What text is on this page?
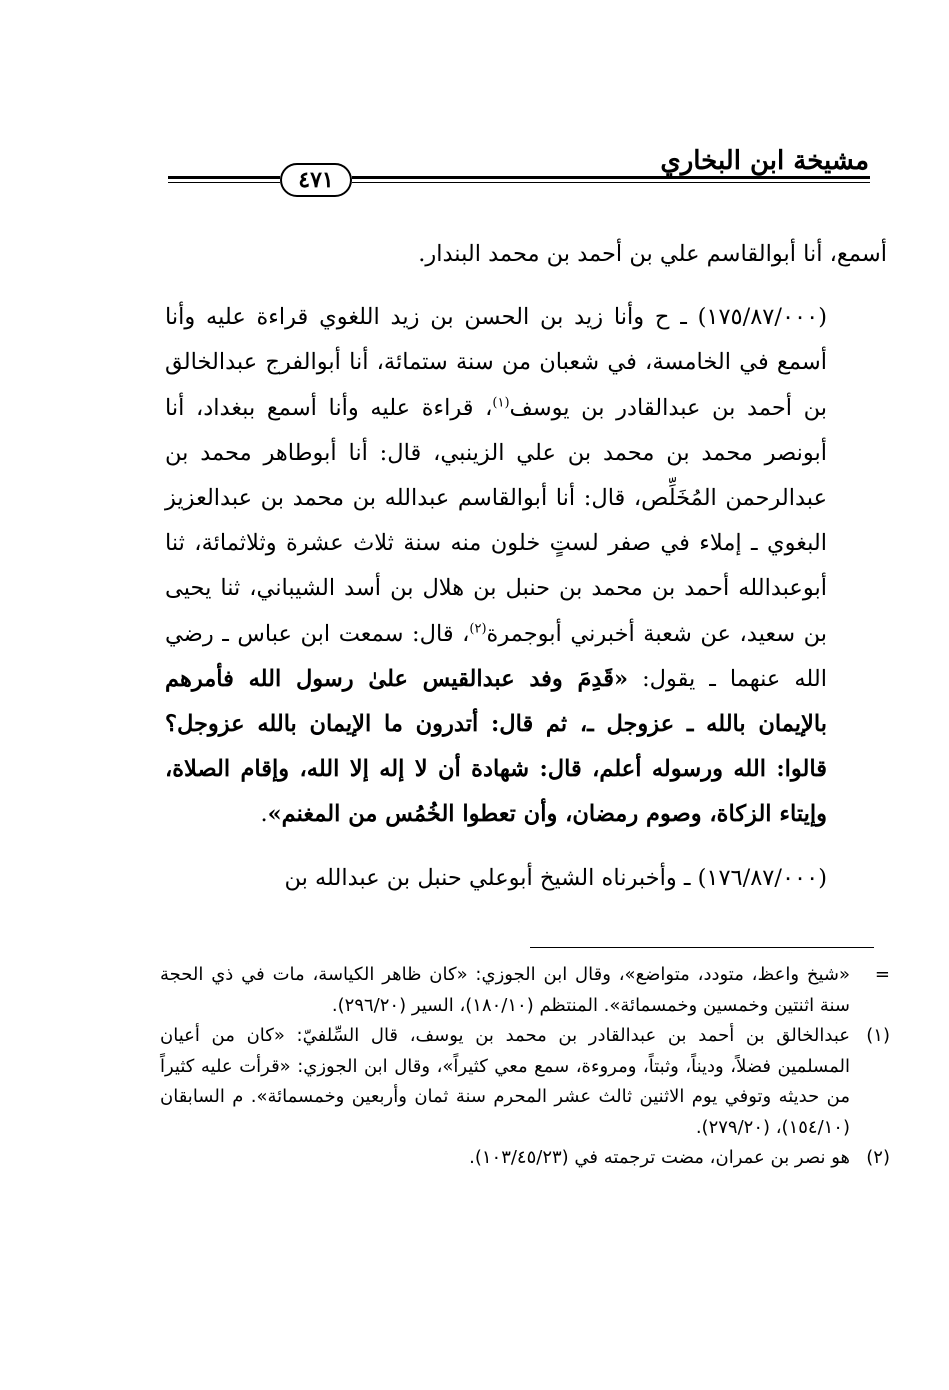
مشيخة ابن البخاري
٤٧١

أسمع، أنا أبوالقاسم علي بن أحمد بن محمد البندار.

(١٧٥/٨٧/٠٠٠) ـ ح وأنا زيد بن الحسن بن زيد اللغوي قراءة عليه وأنا أسمع في الخامسة، في شعبان من سنة ستمائة، أنا أبوالفرج عبدالخالق بن أحمد بن عبدالقادر بن يوسف$^{(١)}$، قراءة عليه وأنا أسمع ببغداد، أنا أبونصر محمد بن محمد بن علي الزينبي، قال: أنا أبوطاهر محمد بن عبدالرحمن المُخَلِّص، قال: أنا أبوالقاسم عبدالله بن محمد بن عبدالعزيز البغوي ـ إملاء في صفر لستٍ خلون منه سنة ثلاث عشرة وثلاثمائة، ثنا أبوعبدالله أحمد بن محمد بن حنبل بن هلال بن أسد الشيباني، ثنا يحيى بن سعيد، عن شعبة أخبرني أبوجمرة$^{(٢)}$، قال: سمعت ابن عباس ـ رضي الله عنهما ـ يقول: «قَدِمَ وفد عبدالقيس علىٰ رسول الله فأمرهم بالإيمان بالله ـ عزوجل ـ، ثم قال: أتدرون ما الإيمان بالله عزوجل؟ قالوا: الله ورسوله أعلم، قال: شهادة أن لا إله إلا الله، وإقام الصلاة، وإيتاء الزكاة، وصوم رمضان، وأن تعطوا الخُمُس من المغنم».

(١٧٦/٨٧/٠٠٠) ـ وأخبرناه الشيخ أبوعلي حنبل بن عبدالله بن

=
«شيخ واعظ، متودد، متواضع»، وقال ابن الجوزي: «كان ظاهر الكياسة، مات في ذي الحجة سنة اثنتين وخمسين وخمسمائة». المنتظم (١٨٠/١٠)، السير (٢٩٦/٢٠).

(١)
عبدالخالق بن أحمد بن عبدالقادر بن محمد بن يوسف، قال السِّلفيّ: «كان من أعيان المسلمين فضلاً، وديناً، وثبتاً، ومروءة، سمع معي كثيراً»، وقال ابن الجوزي: «قرأت عليه كثيراً من حديثه وتوفي يوم الاثنين ثالث عشر المحرم سنة ثمان وأربعين وخمسمائة». م السابقان (١٥٤/١٠)، (٢٧٩/٢٠).

(٢)
هو نصر بن عمران، مضت ترجمته في (١٠٣/٤٥/٢٣).
